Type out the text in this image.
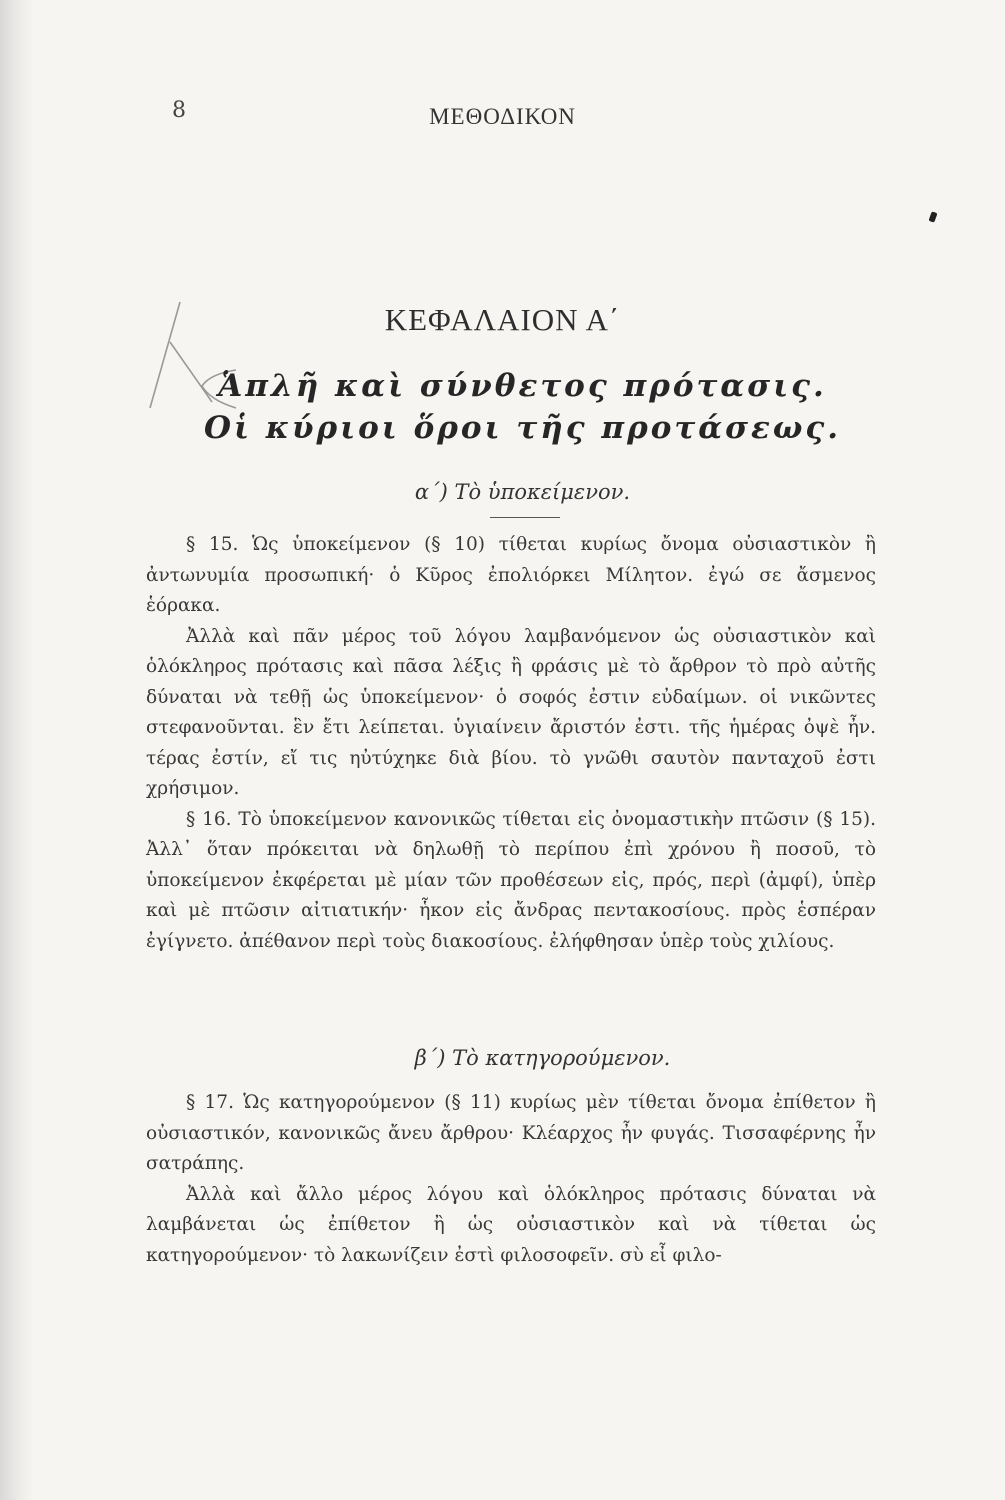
8	ΜΕΘΟΔΙΚΟΝ
ΚΕΦΑΛΑΙΟΝ Α΄
Ἁπλῆ καὶ σύνθετος πρότασις.
Οἱ κύριοι ὅροι τῆς προτάσεως.
α΄) Τὸ ὑποκείμενον.

§ 15. Ὡς ὑποκείμενον (§ 10) τίθεται κυρίως ὄνομα οὐσιαστικὸν ἢ ἀντωνυμία προσωπική· ὁ Κῦρος ἐπολιόρκει Μίλητον. ἐγώ σε ἄσμενος ἑόρακα.

Ἀλλὰ καὶ πᾶν μέρος τοῦ λόγου λαμβανόμενον ὡς οὐσιαστικὸν καὶ ὁλόκληρος πρότασις καὶ πᾶσα λέξις ἢ φράσις μὲ τὸ ἄρθρον τὸ πρὸ αὐτῆς δύναται νὰ τεθῇ ὡς ὑποκείμενον· ὁ σοφός ἐστιν εὐδαίμων. οἱ νικῶντες στεφανοῦνται. ἓν ἔτι λείπεται. ὑγιαίνειν ἄριστόν ἐστι. τῆς ἡμέρας ὀψὲ ἦν. τέρας ἐστίν, εἴ τις ηὐτύχηκε διὰ βίου. τὸ γνῶθι σαυτὸν πανταχοῦ ἐστι χρήσιμον.

§ 16. Τὸ ὑποκείμενον κανονικῶς τίθεται εἰς ὀνομαστικὴν πτῶσιν (§ 15). Ἀλλ᾽ ὅταν πρόκειται νὰ δηλωθῇ τὸ περίπου ἐπὶ χρόνου ἢ ποσοῦ, τὸ ὑποκείμενον ἐκφέρεται μὲ μίαν τῶν προθέσεων εἰς, πρός, περὶ (ἀμφί), ὑπὲρ καὶ μὲ πτῶσιν αἰτιατικήν· ἧκον εἰς ἄνδρας πεντακοσίους. πρὸς ἑσπέραν ἐγίγνετο. ἀπέθανον περὶ τοὺς διακοσίους. ἐλήφθησαν ὑπὲρ τοὺς χιλίους.

β΄) Τὸ κατηγορούμενον.

§ 17. Ὡς κατηγορούμενον (§ 11) κυρίως μὲν τίθεται ὄνομα ἐπίθετον ἢ οὐσιαστικόν, κανονικῶς ἄνευ ἄρθρου· Κλέαρχος ἦν φυγάς. Τισσαφέρνης ἦν σατράπης.

Ἀλλὰ καὶ ἄλλο μέρος λόγου καὶ ὁλόκληρος πρότασις δύναται νὰ λαμβάνεται ὡς ἐπίθετον ἢ ὡς οὐσιαστικὸν καὶ νὰ τίθεται ὡς κατηγορούμενον· τὸ λακωνίζειν ἐστὶ φιλοσοφεῖν. σὺ εἶ φιλο-
